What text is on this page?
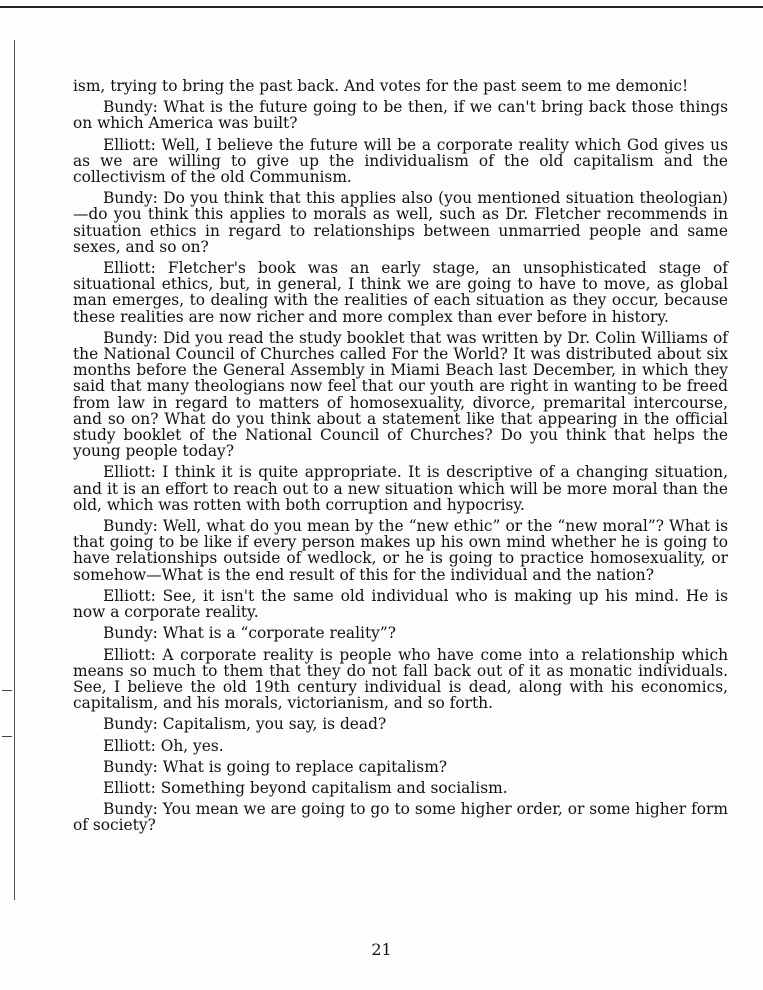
ism, trying to bring the past back. And votes for the past seem to me demonic!

Bundy: What is the future going to be then, if we can't bring back those things on which America was built?

Elliott: Well, I believe the future will be a corporate reality which God gives us as we are willing to give up the individualism of the old capitalism and the collectivism of the old Communism.

Bundy: Do you think that this applies also (you mentioned situation theologian)—do you think this applies to morals as well, such as Dr. Fletcher recommends in situation ethics in regard to relationships between unmarried people and same sexes, and so on?

Elliott: Fletcher's book was an early stage, an unsophisticated stage of situational ethics, but, in general, I think we are going to have to move, as global man emerges, to dealing with the realities of each situation as they occur, because these realities are now richer and more complex than ever before in history.

Bundy: Did you read the study booklet that was written by Dr. Colin Williams of the National Council of Churches called For the World? It was distributed about six months before the General Assembly in Miami Beach last December, in which they said that many theologians now feel that our youth are right in wanting to be freed from law in regard to matters of homosexuality, divorce, premarital intercourse, and so on? What do you think about a statement like that appearing in the official study booklet of the National Council of Churches? Do you think that helps the young people today?

Elliott: I think it is quite appropriate. It is descriptive of a changing situation, and it is an effort to reach out to a new situation which will be more moral than the old, which was rotten with both corruption and hypocrisy.

Bundy: Well, what do you mean by the “new ethic” or the “new moral”? What is that going to be like if every person makes up his own mind whether he is going to have relationships outside of wedlock, or he is going to practice homosexuality, or somehow—What is the end result of this for the individual and the nation?

Elliott: See, it isn't the same old individual who is making up his mind. He is now a corporate reality.

Bundy: What is a “corporate reality”?

Elliott: A corporate reality is people who have come into a relationship which means so much to them that they do not fall back out of it as monatic individuals. See, I believe the old 19th century individual is dead, along with his economics, capitalism, and his morals, victorianism, and so forth.

Bundy: Capitalism, you say, is dead?

Elliott: Oh, yes.

Bundy: What is going to replace capitalism?

Elliott: Something beyond capitalism and socialism.

Bundy: You mean we are going to go to some higher order, or some higher form of society?

21
